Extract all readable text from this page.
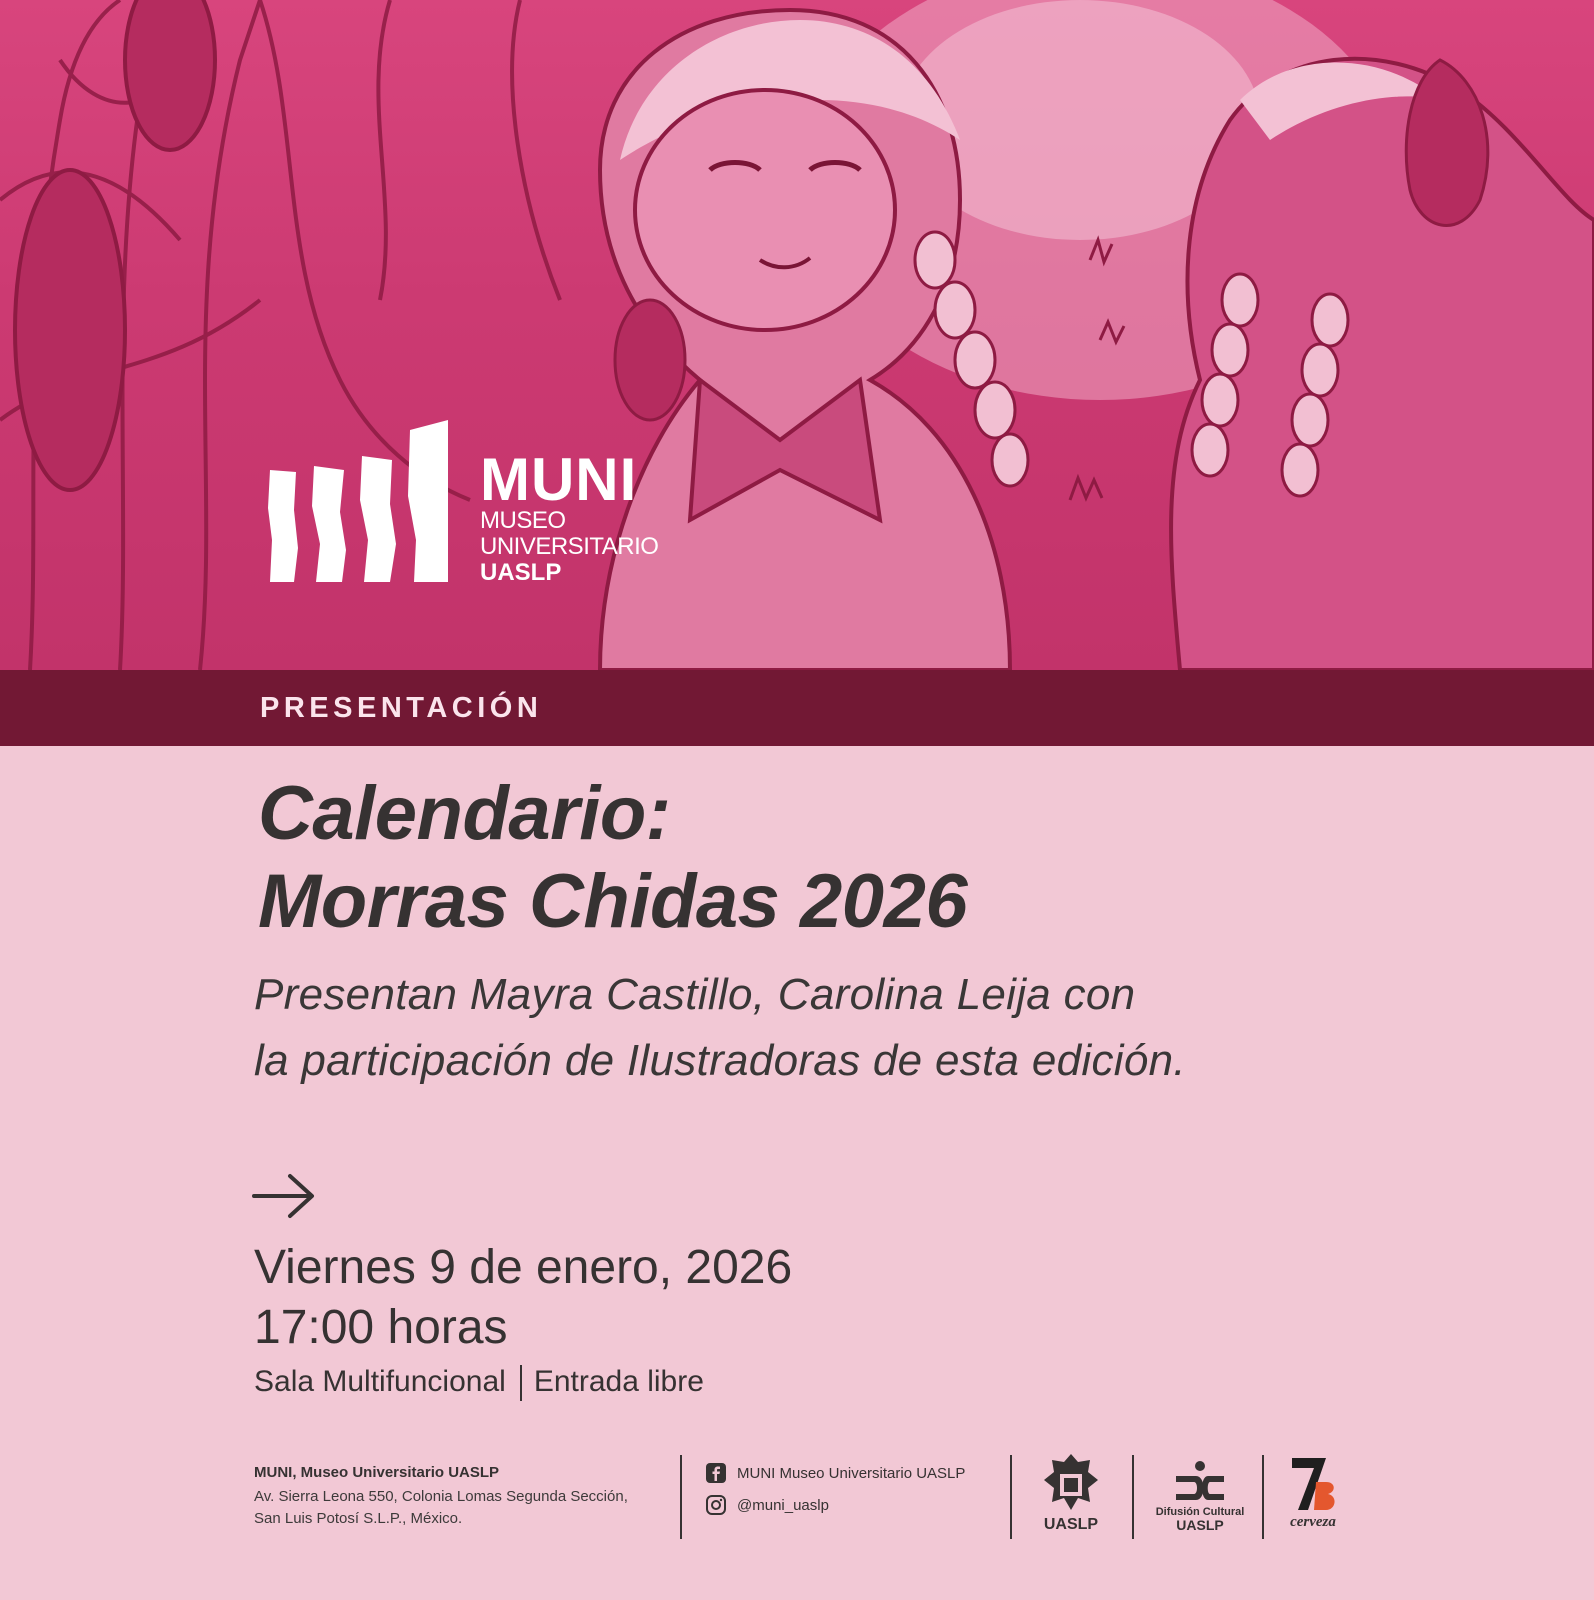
MUNI
MUSEO
UNIVERSITARIO
UASLP
PRESENTACIÓN
Calendario:
Morras Chidas 2026
Presentan Mayra Castillo, Carolina Leija con
la participación de Ilustradoras de esta edición.
Viernes 9 de enero, 2026
17:00 horas
Sala Multifuncional Entrada libre
MUNI, Museo Universitario UASLP
Av. Sierra Leona 550, Colonia Lomas Segunda Sección,
San Luis Potosí S.L.P., México.
MUNI Museo Universitario UASLP
@muni_uaslp
UASLP
Difusión Cultural
UASLP	cerveza
